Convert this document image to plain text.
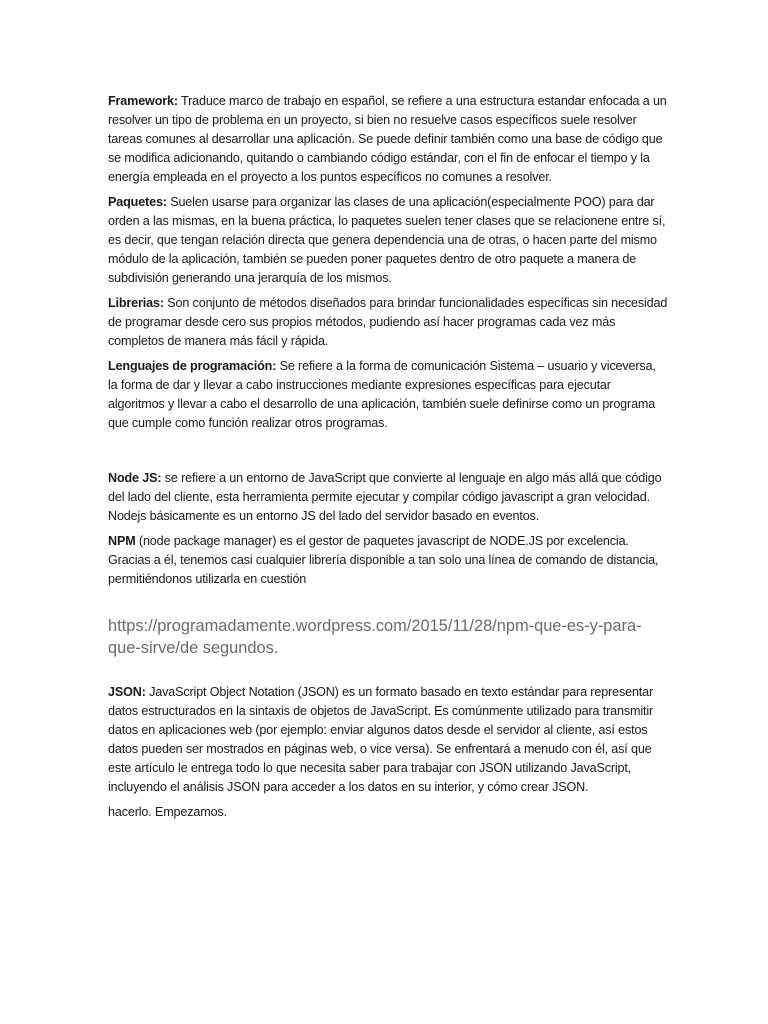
Framework: Traduce marco de trabajo en español, se refiere a una estructura estandar enfocada a un resolver un tipo de problema en un proyecto, si bien no resuelve casos específicos suele resolver tareas comunes al desarrollar una aplicación. Se puede definir también como una base de código que se modifica adicionando, quitando o cambiando código estándar, con el fin de enfocar el tiempo y la energía empleada en el proyecto a los puntos específicos no comunes a resolver.

Paquetes: Suelen usarse para organizar las clases de una aplicación(especialmente POO) para dar orden a las mismas, en la buena práctica, lo paquetes suelen tener clases que se relacionene entre sí, es decir, que tengan relación directa que genera dependencia una de otras, o hacen parte del mismo módulo de la aplicación, también se pueden poner paquetes dentro de otro paquete a manera de subdivisión generando una jerarquía de los mismos.

Librerias: Son conjunto de métodos diseñados para brindar funcionalidades específicas sin necesidad de programar desde cero sus propios métodos, pudiendo así hacer programas cada vez más completos de manera más fácil y rápida.

Lenguajes de programación: Se refiere a la forma de comunicación Sistema – usuario y viceversa, la forma de dar y llevar a cabo instrucciones mediante expresiones específicas para ejecutar algoritmos y llevar a cabo el desarrollo de una aplicación, también suele definirse como un programa que cumple como función realizar otros programas.

Node JS: se refiere a un entorno de JavaScript que convierte al lenguaje en algo más allá que código del lado del cliente, esta herramienta permite ejecutar y compilar código javascript a gran velocidad. Nodejs básicamente es un entorno JS del lado del servidor basado en eventos.

NPM (node package manager) es el gestor de paquetes javascript de NODE.JS por excelencia. Gracias a él, tenemos casi cualquier librería disponible a tan solo una línea de comando de distancia, permitiéndonos utilizarla en cuestión

https://programadamente.wordpress.com/2015/11/28/npm-que-es-y-para-que-sirve/de segundos.

JSON: JavaScript Object Notation (JSON) es un formato basado en texto estándar para representar datos estructurados en la sintaxis de objetos de JavaScript. Es comúnmente utilizado para transmitir datos en aplicaciones web (por ejemplo: enviar algunos datos desde el servidor al cliente, así estos datos pueden ser mostrados en páginas web, o vice versa). Se enfrentará a menudo con él, así que este artículo le entrega todo lo que necesita saber para trabajar con JSON utilizando JavaScript, incluyendo el análisis JSON para acceder a los datos en su interior, y cómo crear JSON.

hacerlo. Empezamos.
